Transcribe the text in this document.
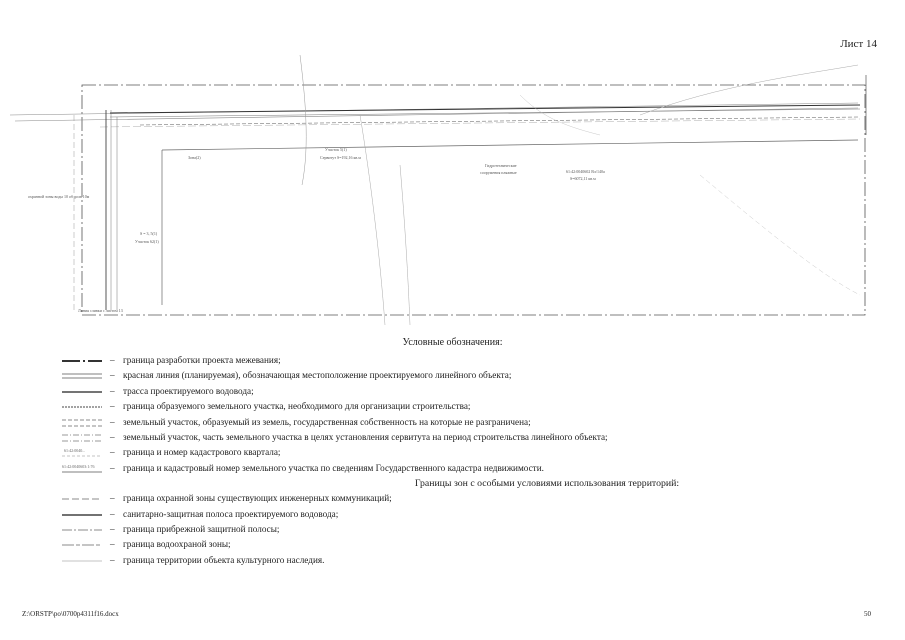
Лист 14
Зона(2)
Участок 5(1)
Сервитут S=192,16 кв.м
Гидротехнические
сооружения пляжные	61:42:0040602 Вл/140а
S=6072,11 кв.м
охранной зоны воды 10 об доль 10м
S = 3, 5(1)
Участок 62(1)
Линия сливки с листом 13
Условные обозначения:
– граница разработки проекта межевания;
– красная линия (планируемая), обозначающая местоположение проектируемого линейного объекта;
– трасса проектируемого водовода;
– граница образуемого земельного участка, необходимого для организации строительства;
– земельный участок, образуемый из земель, государственная собственность на которые не разграничена;
– земельный участок, часть земельного участка в целях установления сервитута на период строительства линейного объекта;
61:42:0040...	– граница и номер кадастрового квартала;
61:42:0040603:1:76 – граница и кадастровый номер земельного участка по сведениям Государственного кадастра недвижимости.
Границы зон с особыми условиями использования территорий:
– граница охранной зоны существующих инженерных коммуникаций;
– санитарно-защитная полоса проектируемого водовода;
– граница прибрежной защитной полосы;
– граница водоохраной зоны;
– граница территории объекта культурного наследия.
Z:\ORSTP\po\0700p4311f16.docx	50
